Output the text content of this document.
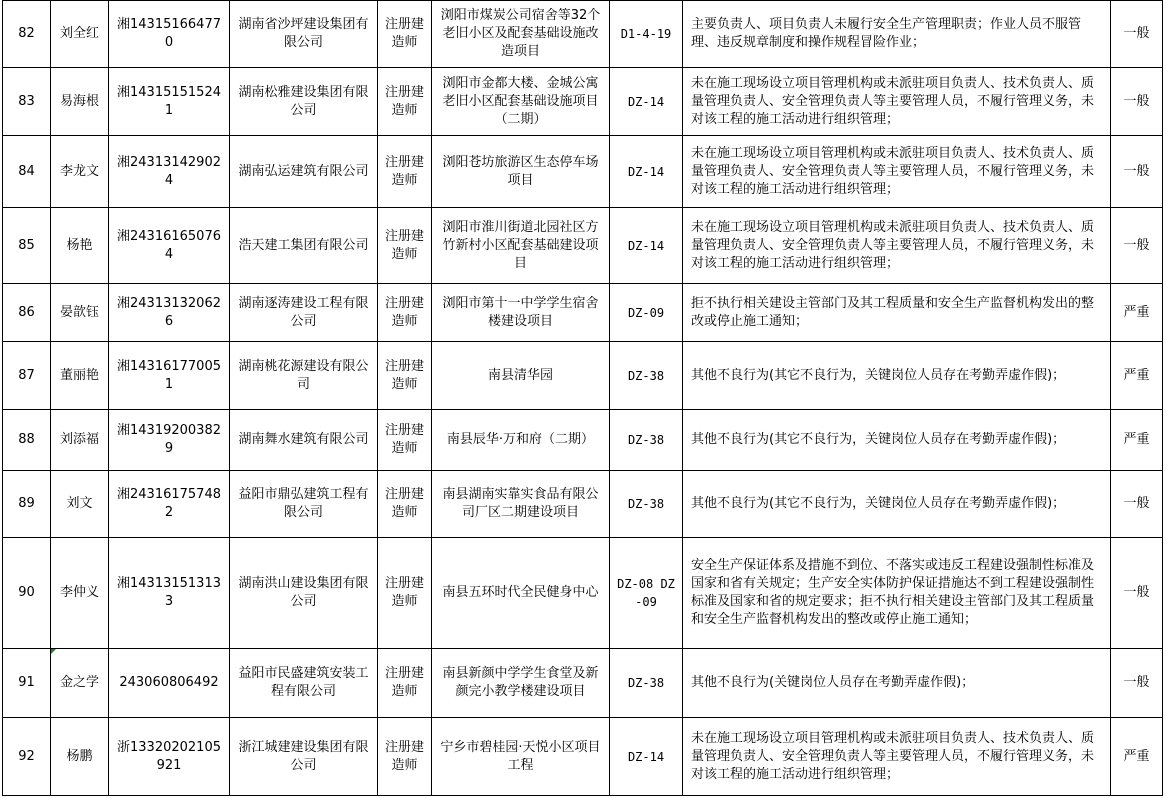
82	刘全红	湘143151664770	湖南省沙坪建设集团有限公司	注册建造师	浏阳市煤炭公司宿舍等32个老旧小区及配套基础设施改造项目	D1-4-19	主要负责人、项目负责人未履行安全生产管理职责；作业人员不服管理、违反规章制度和操作规程冒险作业；	一般
83	易海根	湘143151515241	湖南松雅建设集团有限公司	注册建造师	浏阳市金都大楼、金城公寓老旧小区配套基础设施项目（二期）	DZ-14	未在施工现场设立项目管理机构或未派驻项目负责人、技术负责人、质量管理负责人、安全管理负责人等主要管理人员，不履行管理义务，未对该工程的施工活动进行组织管理；	一般
84	李龙文	湘243131429024	湖南弘运建筑有限公司	注册建造师	浏阳苍坊旅游区生态停车场项目	DZ-14	未在施工现场设立项目管理机构或未派驻项目负责人、技术负责人、质量管理负责人、安全管理负责人等主要管理人员，不履行管理义务，未对该工程的施工活动进行组织管理；	一般
85	杨艳	湘243161650764	浩天建工集团有限公司	注册建造师	浏阳市淮川街道北园社区方竹新村小区配套基础建设项目	DZ-14	未在施工现场设立项目管理机构或未派驻项目负责人、技术负责人、质量管理负责人、安全管理负责人等主要管理人员，不履行管理义务，未对该工程的施工活动进行组织管理；	一般
86	晏歆钰	湘243131320626	湖南逐涛建设工程有限公司	注册建造师	浏阳市第十一中学学生宿舍楼建设项目	DZ-09	拒不执行相关建设主管部门及其工程质量和安全生产监督机构发出的整改或停止施工通知；	严重
87	董丽艳	湘143161770051	湖南桃花源建设有限公司	注册建造师	南县清华园	DZ-38	其他不良行为(其它不良行为，关键岗位人员存在考勤弄虚作假)；	严重
88	刘添福	湘143192003829	湖南舞水建筑有限公司	注册建造师	南县辰华·万和府（二期）	DZ-38	其他不良行为(其它不良行为，关键岗位人员存在考勤弄虚作假)；	严重
89	刘文	湘243161757482	益阳市鼎弘建筑工程有限公司	注册建造师	南县湖南实靠实食品有限公司厂区二期建设项目	DZ-38	其他不良行为(其它不良行为，关键岗位人员存在考勤弄虚作假)；	一般
90	李仲义	湘143131513133	湖南洪山建设集团有限公司	注册建造师	南县五环时代全民健身中心	DZ-08 DZ-09	安全生产保证体系及措施不到位、不落实或违反工程建设强制性标准及国家和省有关规定；生产安全实体防护保证措施达不到工程建设强制性标准及国家和省的规定要求；拒不执行相关建设主管部门及其工程质量和安全生产监督机构发出的整改或停止施工通知；	一般
91	金之学	243060806492	益阳市民盛建筑安装工程有限公司	注册建造师	南县新颜中学学生食堂及新颜完小教学楼建设项目	DZ-38	其他不良行为(关键岗位人员存在考勤弄虚作假)；	一般
92	杨鹏	浙13320202105921	浙江城建建设集团有限公司	注册建造师	宁乡市碧桂园·天悦小区项目工程	DZ-14	未在施工现场设立项目管理机构或未派驻项目负责人、技术负责人、质量管理负责人、安全管理负责人等主要管理人员，不履行管理义务，未对该工程的施工活动进行组织管理；	严重
